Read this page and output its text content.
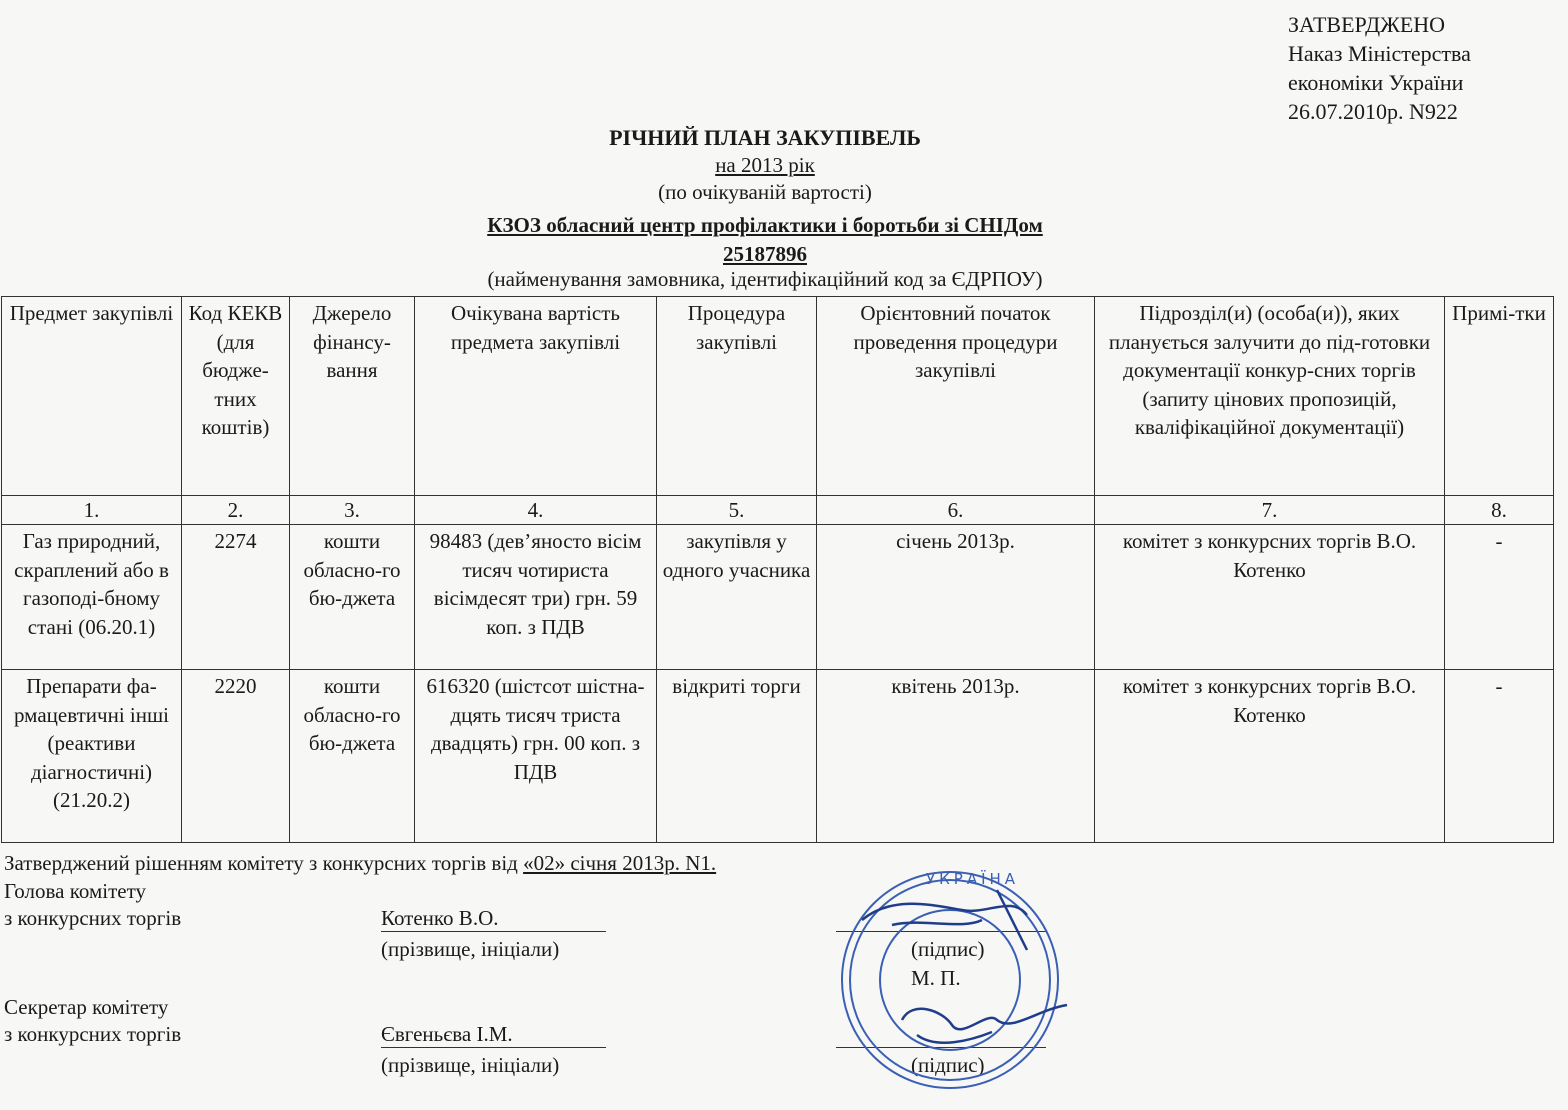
ЗАТВЕРДЖЕНО
Наказ Міністерства
економіки України
26.07.2010р. N922
РІЧНИЙ ПЛАН ЗАКУПІВЕЛЬ
на 2013 рік
(по очікуваній вартості)
КЗОЗ обласний центр профілактики і боротьби зі СНІДом
25187896
(найменування замовника, ідентифікаційний код за ЄДРПОУ)
Предмет закупівлі	Код КЕКВ (для бюдже-тних коштів)	Джерело фінансу-вання	Очікувана вартість предмета закупівлі	Процедура закупівлі	Орієнтовний початок проведення процедури закупівлі	Підрозділ(и) (особа(и)), яких планується залучити до під-готовки документації конкур-сних торгів (запиту цінових пропозицій, кваліфікаційної документації)	Примі-тки
1.	2.	3.	4.	5.	6.	7.	8.
Газ природний, скраплений або в газоподі-бному стані (06.20.1)	2274	кошти обласно-го бю-джета	98483 (дев’яносто вісім тисяч чотириста вісімдесят три) грн. 59 коп. з ПДВ	закупівля у одного учасника	січень 2013р.	комітет з конкурсних торгів В.О. Котенко	-
Препарати фа-рмацевтичні інші (реактиви діагностичні) (21.20.2)	2220	кошти обласно-го бю-джета	616320 (шістсот шістна-дцять тисяч триста двадцять) грн. 00 коп. з ПДВ	відкриті торги	квітень 2013р.	комітет з конкурсних торгів В.О. Котенко	-
Затверджений рішенням комітету з конкурсних торгів від «02» січня 2013р. N1.
Голова комітету
з конкурсних торгів	Котенко В.О.
(прізвище, ініціали)	(підпис)
М. П.
Секретар комітету
з конкурсних торгів	Євгеньєва І.М.
(прізвище, ініціали)	(підпис)
УКРАЇНА
